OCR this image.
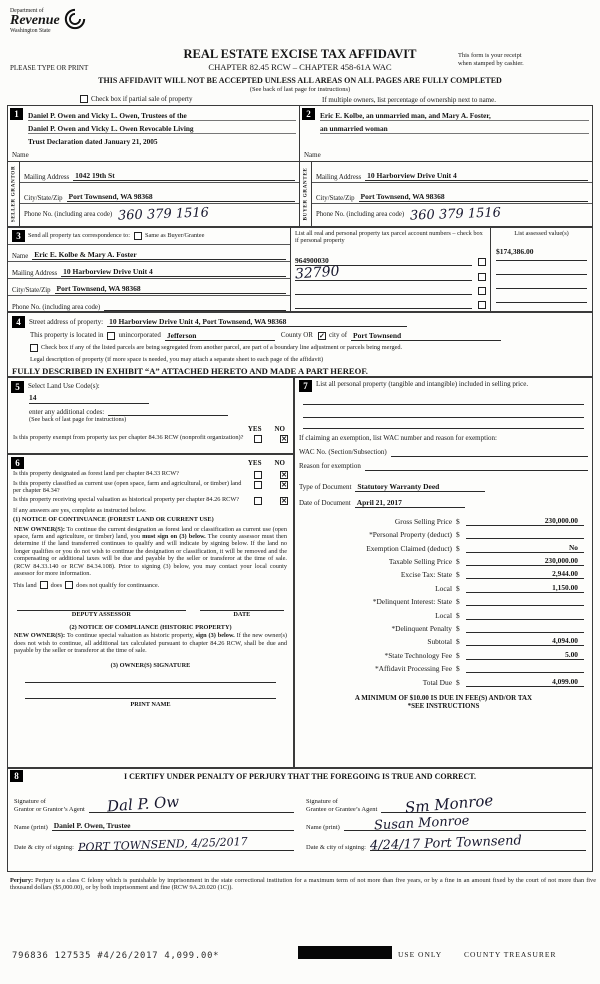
Department of
Revenue
Washington State
REAL ESTATE EXCISE TAX AFFIDAVIT
CHAPTER 82.45 RCW – CHAPTER 458-61A WAC
This form is your receipt
when stamped by cashier.
PLEASE TYPE OR PRINT
THIS AFFIDAVIT WILL NOT BE ACCEPTED UNLESS ALL AREAS ON ALL PAGES ARE FULLY COMPLETED
(See back of last page for instructions)
Check box if partial sale of property	If multiple owners, list percentage of ownership next to name.
1	Daniel P. Owen and Vicky L. Owen, Trustees of the
Daniel P. Owen and Vicky L. Owen Revocable Living
Trust Declaration dated January 21, 2005
Name
SELLER GRANTOR Mailing Address 1042 19th St
City/State/Zip Port Townsend, WA 98368
Phone No. (including area code) 360 379 1516
2	Eric E. Kolbe, an unmarried man, and Mary A. Foster,
an unmarried woman
Name
BUYER GRANTEE Mailing Address 10 Harborview Drive Unit 4
City/State/Zip Port Townsend, WA 98368
Phone No. (including area code) 360 379 1516
3	Send all property tax correspondence to: Same as Buyer/Grantee
Name Eric E. Kolbe & Mary A. Foster
Mailing Address 10 Harborview Drive Unit 4
City/State/Zip Port Townsend, WA 98368
Phone No. (including area code)
List all real and personal property tax parcel account numbers – check box if personal property
964900030
32790
List assessed value(s)
$174,386.00
4	Street address of property: 10 Harborview Drive Unit 4, Port Townsend, WA 98368
This property is located in unincorporated Jefferson	County OR ✓ city of Port Townsend
Check box if any of the listed parcels are being segregated from another parcel, are part of a boundary line adjustment or parcels being merged.
Legal description of property (if more space is needed, you may attach a separate sheet to each page of the affidavit)
FULLY DESCRIBED IN EXHIBIT “A” ATTACHED HERETO AND MADE A PART HEREOF.
5	Select Land Use Code(s):
14
enter any additional codes:
(See back of last page for instructions)
YES NO
Is this property exempt from property tax per chapter 84.36 RCW (nonprofit organization)?	✕
6	YES NO
Is this property designated as forest land per chapter 84.33 RCW?	✕
Is this property classified as current use (open space, farm and agricultural, or timber) land per chapter 84.34?
✕
Is this property receiving special valuation as historical property per chapter 84.26 RCW?	✕
If any answers are yes, complete as instructed below.
(1) NOTICE OF CONTINUANCE (FOREST LAND OR CURRENT USE)
NEW OWNER(S): To continue the current designation as forest land or classification as current use (open space, farm and agriculture, or timber) land, you must sign on (3) below. The county assessor must then determine if the land transferred continues to qualify and will indicate by signing below. If the land no longer qualifies or you do not wish to continue the designation or classification, it will be removed and the compensating or additional taxes will be due and payable by the seller or transferor at the time of sale. (RCW 84.33.140 or RCW 84.34.108). Prior to signing (3) below, you may contact your local county assessor for more information.
This land does does not qualify for continuance.
DEPUTY ASSESSOR	DATE
(2) NOTICE OF COMPLIANCE (HISTORIC PROPERTY)
NEW OWNER(S): To continue special valuation as historic property, sign (3) below. If the new owner(s) does not wish to continue, all additional tax calculated pursuant to chapter 84.26 RCW, shall be due and payable by the seller or transferor at the time of sale.
(3) OWNER(S) SIGNATURE
PRINT NAME
7	List all personal property (tangible and intangible) included in selling price.
If claiming an exemption, list WAC number and reason for exemption:
WAC No. (Section/Subsection)
Reason for exemption
Type of Document Statutory Warranty Deed
Date of Document April 21, 2017
Gross Selling Price $	230,000.00
*Personal Property (deduct) $
Exemption Claimed (deduct) $	No
Taxable Selling Price $	230,000.00
Excise Tax: State $	2,944.00
Local $	1,150.00
*Delinquent Interest: State $
Local $
*Delinquent Penalty $
Subtotal $	4,094.00
*State Technology Fee $	5.00
*Affidavit Processing Fee $
Total Due $	4,099.00
A MINIMUM OF $10.00 IS DUE IN FEE(S) AND/OR TAX
*SEE INSTRUCTIONS
8	I CERTIFY UNDER PENALTY OF PERJURY THAT THE FOREGOING IS TRUE AND CORRECT.
Signature of
Grantor or Grantor’s Agent	Dal P. Ow
Name (print) Daniel P. Owen, Trustee
Date & city of signing: PORT TOWNSEND, 4/25/2017
Signature of
Grantee or Grantee’s Agent	Sm Monroe
Name (print)	Susan Monroe
Date & city of signing: 4/24/17 Port Townsend
Perjury: Perjury is a class C felony which is punishable by imprisonment in the state correctional institution for a maximum term of not more than five years, or by a fine in an amount fixed by the court of not more than five thousand dollars ($5,000.00), or by both imprisonment and fine (RCW 9A.20.020 (1C)).
796836 127535 #4/26/2017 4,099.00*	USE ONLY	COUNTY TREASURER
